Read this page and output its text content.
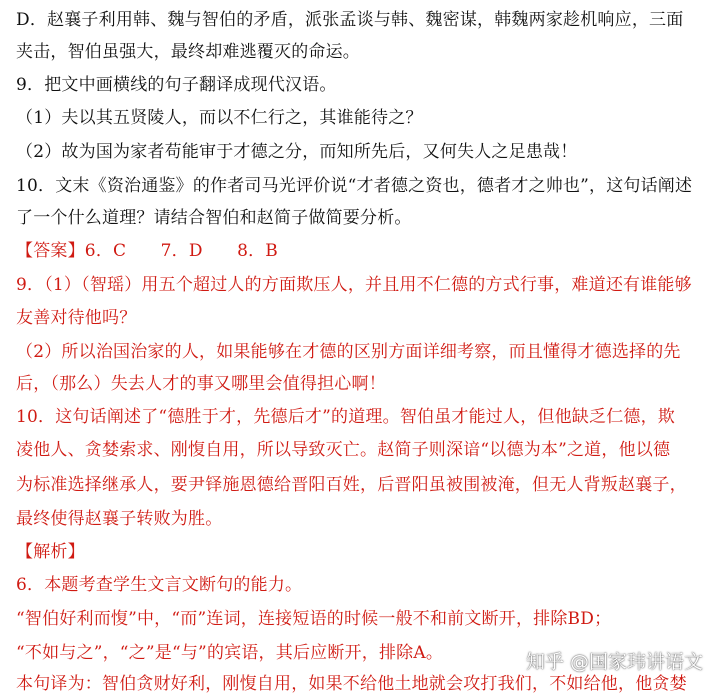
D．赵襄子利用韩、魏与智伯的矛盾，派张孟谈与韩、魏密谋，韩魏两家趁机响应，三面
夹击，智伯虽强大，最终却难逃覆灭的命运。
9．把文中画横线的句子翻译成现代汉语。
（1）夫以其五贤陵人，而以不仁行之，其谁能待之？
（2）故为国为家者苟能审于才德之分，而知所先后，又何失人之足患哉！
10．文末《资治通鉴》的作者司马光评价说“才者德之资也，德者才之帅也”，这句话阐述
了一个什么道理？请结合智伯和赵简子做简要分析。
【答案】6．C　　7．D　　8．B
9．（1）（智瑶）用五个超过人的方面欺压人，并且用不仁德的方式行事，难道还有谁能够
友善对待他吗？
（2）所以治国治家的人，如果能够在才德的区别方面详细考察，而且懂得才德选择的先
后，（那么）失去人才的事又哪里会值得担心啊！
10．这句话阐述了“德胜于才，先德后才”的道理。智伯虽才能过人，但他缺乏仁德，欺
凌他人、贪婪索求、刚愎自用，所以导致灭亡。赵简子则深谙“以德为本”之道，他以德
为标准选择继承人，要尹铎施恩德给晋阳百姓，后晋阳虽被围被淹，但无人背叛赵襄子，
最终使得赵襄子转败为胜。
【解析】
6．本题考查学生文言文断句的能力。
“智伯好利而愎”中，“而”连词，连接短语的时候一般不和前文断开，排除BD；
“不如与之”，“之”是“与”的宾语，其后应断开，排除A。
本句译为：智伯贪财好利，刚愎自用，如果不给他土地就会攻打我们，不如给他，他贪婪
知乎 @国家玮讲语文
